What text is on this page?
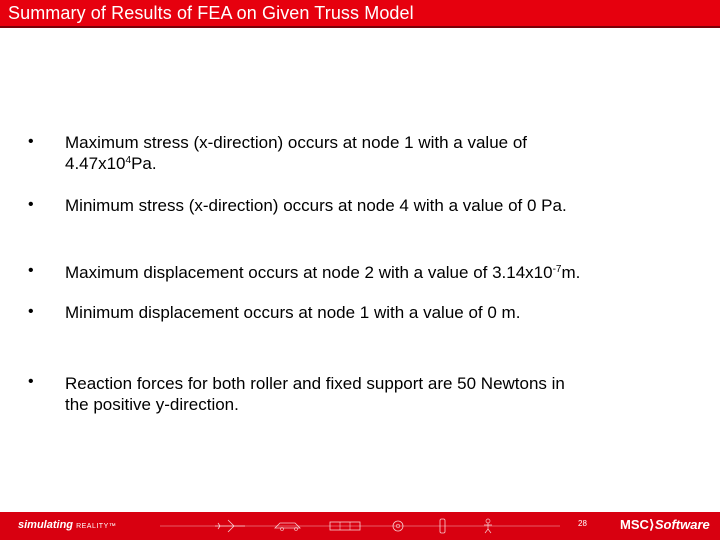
Summary of Results of FEA on Given Truss Model
•	Maximum stress (x-direction) occurs at node 1 with a value of
$4.47x10^4Pa$.
•	Minimum stress (x-direction) occurs at node 4 with a value of 0 Pa.
•	Maximum displacement occurs at node 2 with a value of $3.14x10^{-7}m$.
•	Minimum displacement occurs at node 1 with a value of 0 m.
•	Reaction forces for both roller and fixed support are 50 Newtons in
the positive y-direction.
simulating REALITY™	28	MSC⟩Software
